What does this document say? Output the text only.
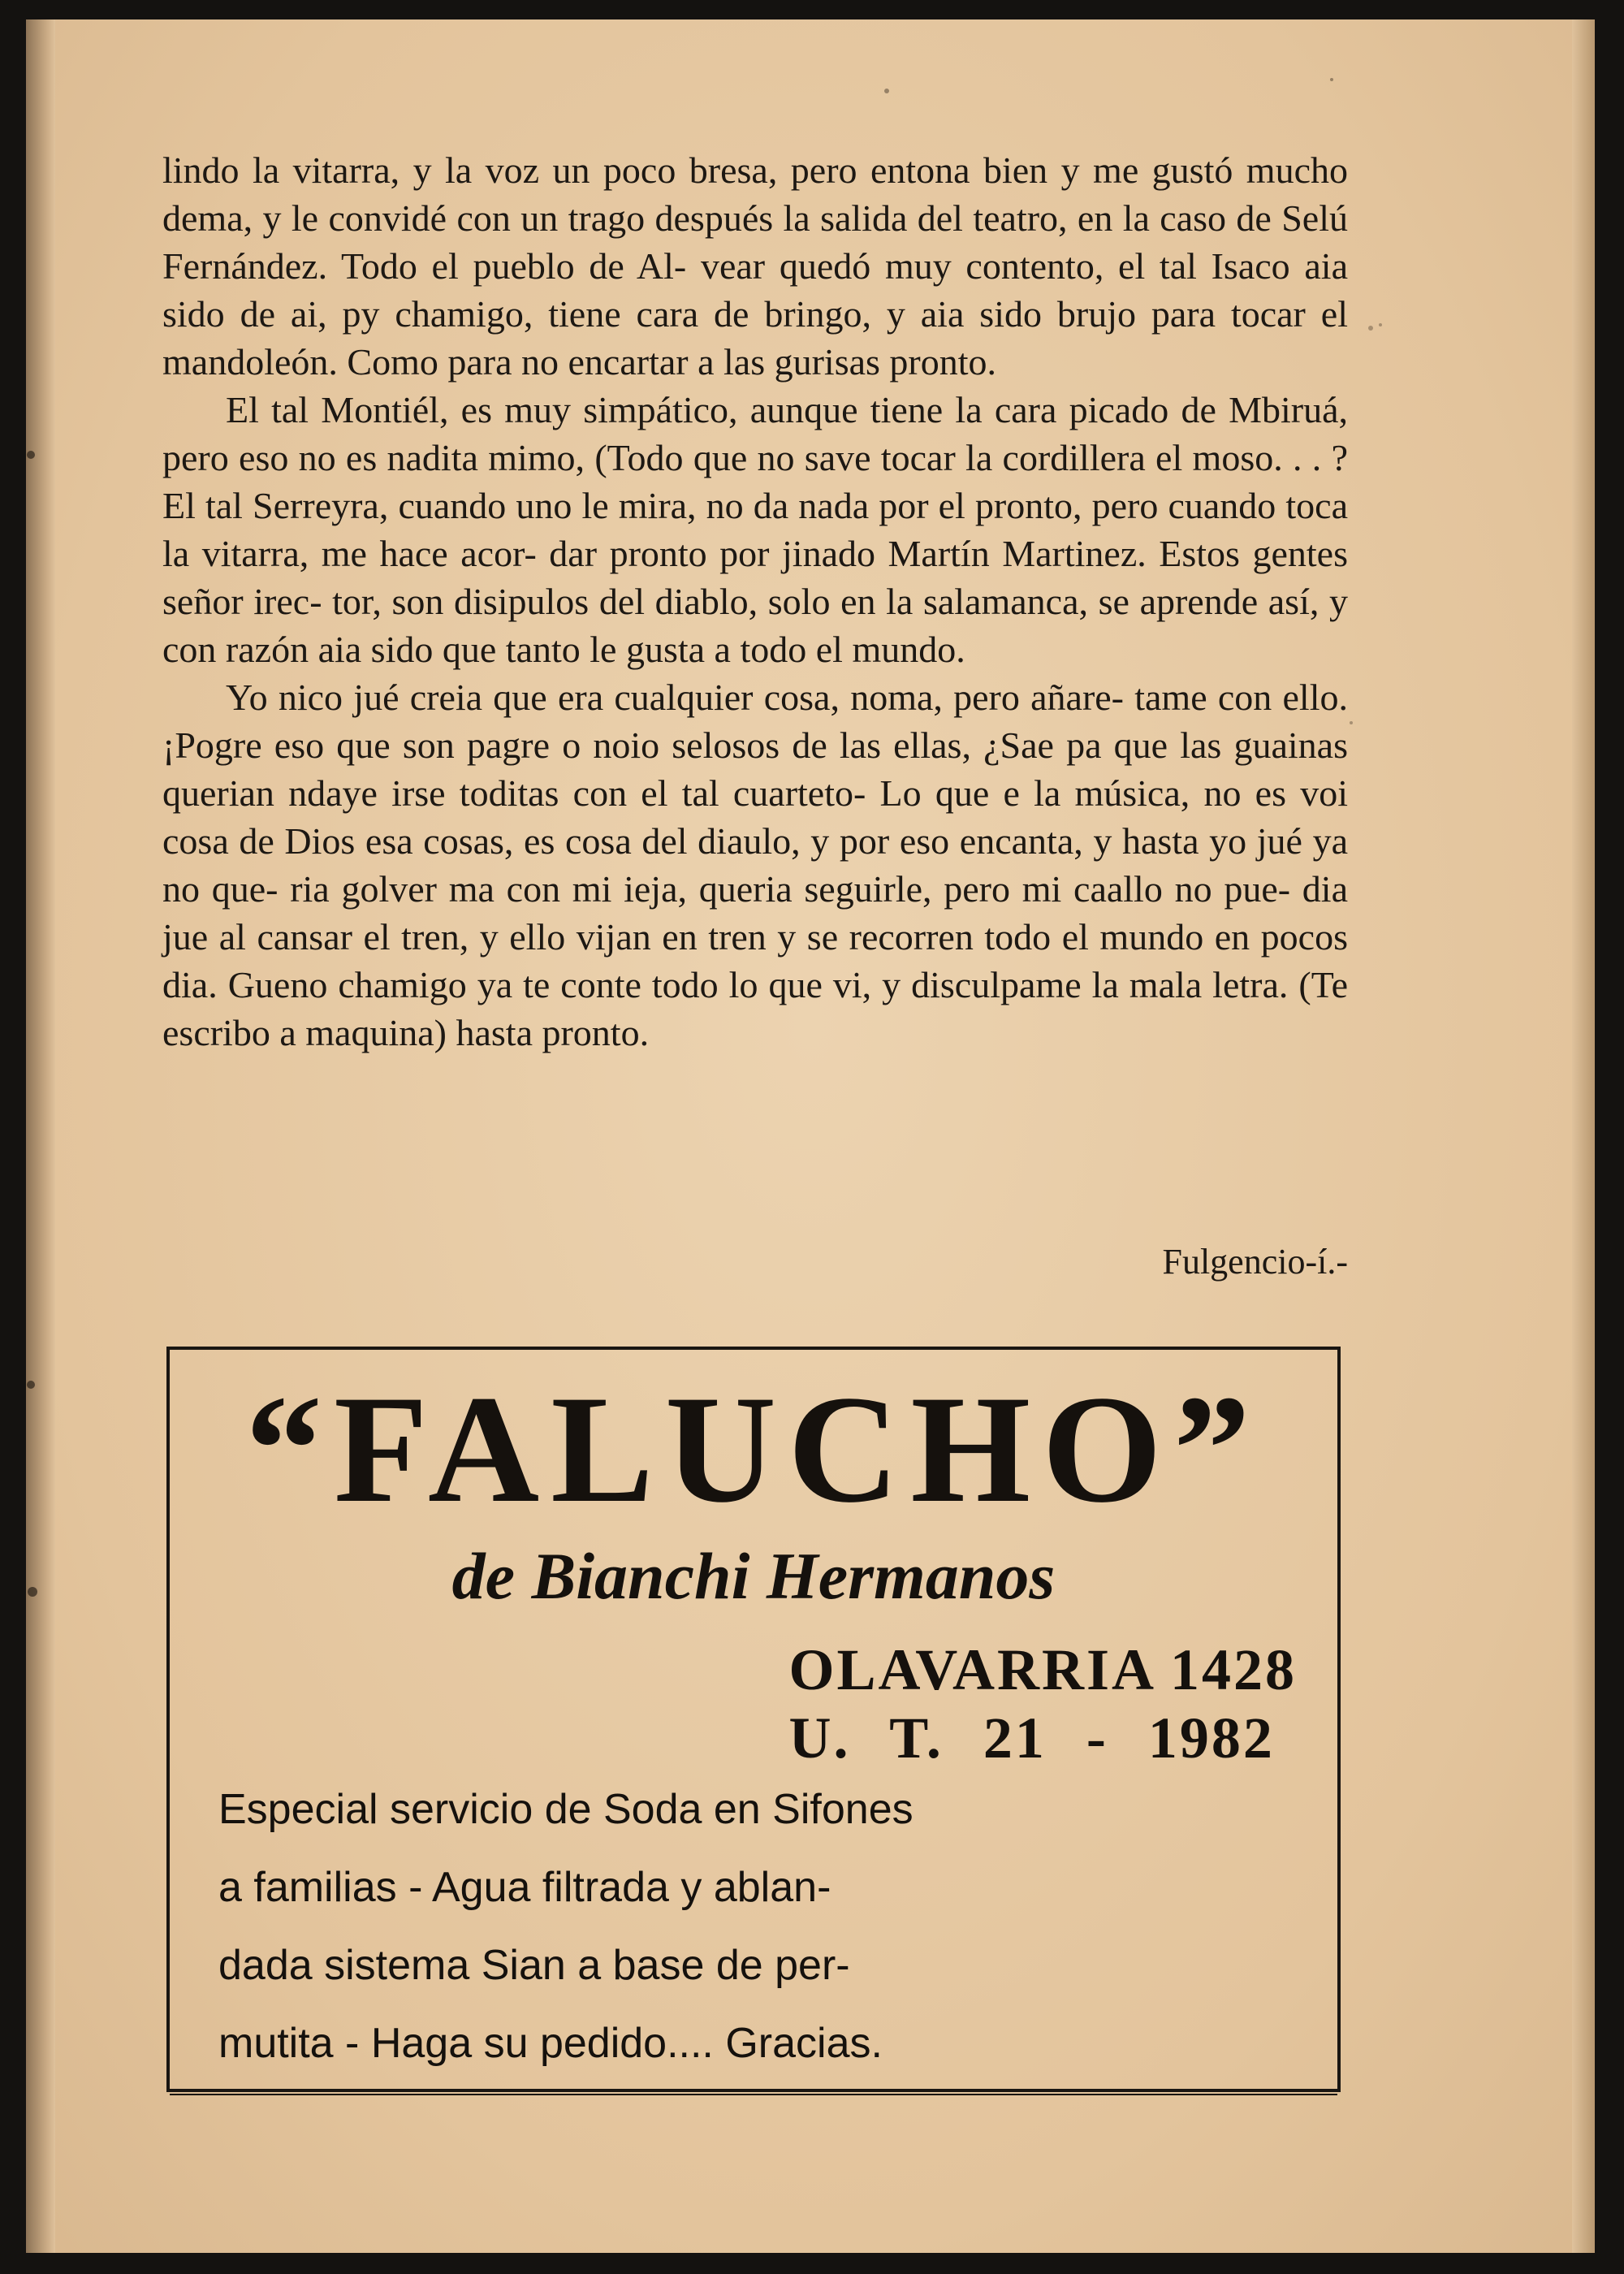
lindo la vitarra, y la voz un poco bresa, pero entona bien y me gustó mucho dema, y le convidé con un trago después la salida del teatro, en la caso de Selú Fernández. Todo el pueblo de Al- vear quedó muy contento, el tal Isaco aia sido de ai, py chamigo, tiene cara de bringo, y aia sido brujo para tocar el mandoleón. Como para no encartar a las gurisas pronto.

El tal Montiél, es muy simpático, aunque tiene la cara picado de Mbiruá, pero eso no es nadita mimo, (Todo que no save tocar la cordillera el moso. . . ? El tal Serreyra, cuando uno le mira, no da nada por el pronto, pero cuando toca la vitarra, me hace acor- dar pronto por jinado Martín Martinez. Estos gentes señor irec- tor, son disipulos del diablo, solo en la salamanca, se aprende así, y con razón aia sido que tanto le gusta a todo el mundo.

Yo nico jué creia que era cualquier cosa, noma, pero añare- tame con ello. ¡Pogre eso que son pagre o noio selosos de las ellas, ¿Sae pa que las guainas querian ndaye irse toditas con el tal cuarteto- Lo que e la música, no es voi cosa de Dios esa cosas, es cosa del diaulo, y por eso encanta, y hasta yo jué ya no que- ria golver ma con mi ieja, queria seguirle, pero mi caallo no pue- dia jue al cansar el tren, y ello vijan en tren y se recorren todo el mundo en pocos dia. Gueno chamigo ya te conte todo lo que vi, y disculpame la mala letra. (Te escribo a maquina) hasta pronto.

Fulgencio-í.-
“FALUCHO”
de Bianchi Hermanos
OLAVARRIA 1428
U. T. 21 - 1982
Especial servicio de Soda en Sifones
a familias - Agua filtrada y ablan-
dada sistema Sian a base de per-
mutita - Haga su pedido.... Gracias.
